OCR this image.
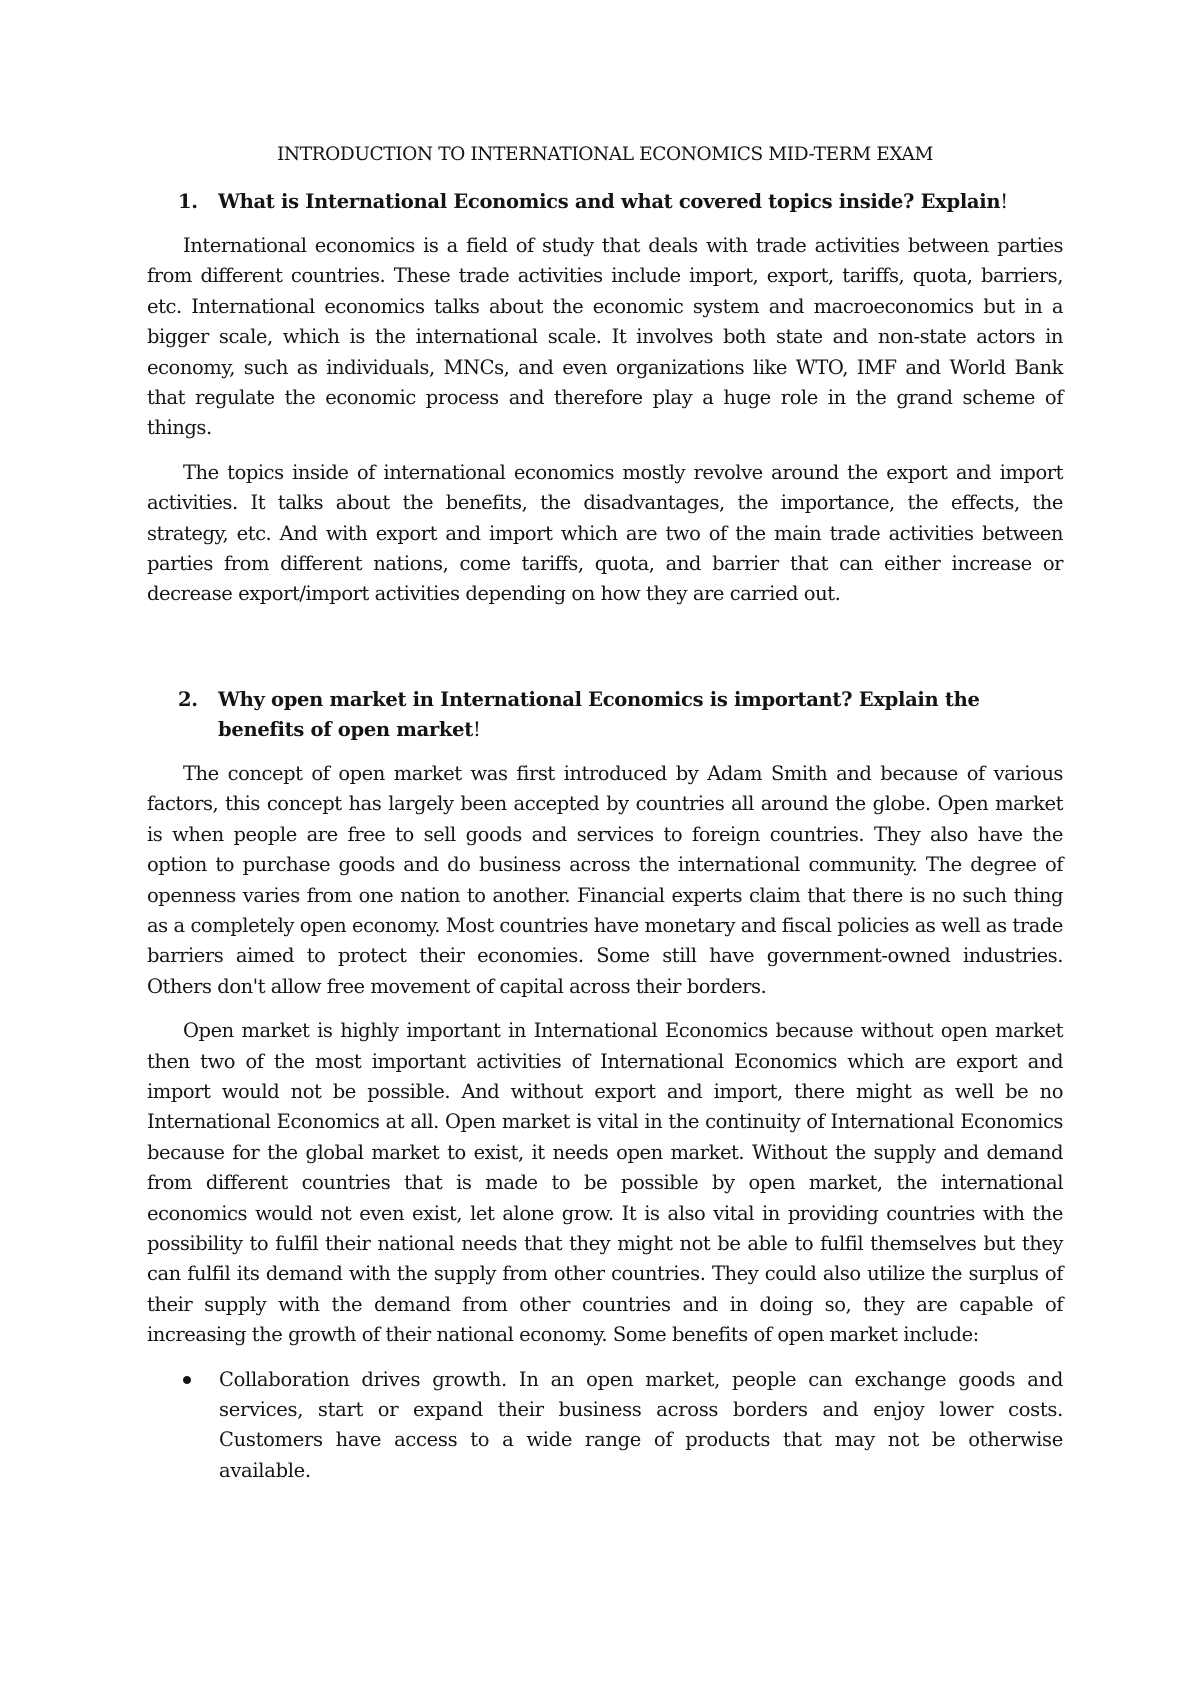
INTRODUCTION TO INTERNATIONAL ECONOMICS MID-TERM EXAM
1.	What is International Economics and what covered topics inside? Explain!

International economics is a field of study that deals with trade activities between parties from different countries. These trade activities include import, export, tariffs, quota, barriers, etc. International economics talks about the economic system and macroeconomics but in a bigger scale, which is the international scale. It involves both state and non-state actors in economy, such as individuals, MNCs, and even organizations like WTO, IMF and World Bank that regulate the economic process and therefore play a huge role in the grand scheme of things.

The topics inside of international economics mostly revolve around the export and import activities. It talks about the benefits, the disadvantages, the importance, the effects, the strategy, etc. And with export and import which are two of the main trade activities between parties from different nations, come tariffs, quota, and barrier that can either increase or decrease export/import activities depending on how they are carried out.

2.	Why open market in International Economics is important? Explain the benefits of open market!

The concept of open market was first introduced by Adam Smith and because of various factors, this concept has largely been accepted by countries all around the globe. Open market is when people are free to sell goods and services to foreign countries. They also have the option to purchase goods and do business across the international community. The degree of openness varies from one nation to another. Financial experts claim that there is no such thing as a completely open economy. Most countries have monetary and fiscal policies as well as trade barriers aimed to protect their economies. Some still have government-owned industries. Others don't allow free movement of capital across their borders.

Open market is highly important in International Economics because without open market then two of the most important activities of International Economics which are export and import would not be possible. And without export and import, there might as well be no International Economics at all. Open market is vital in the continuity of International Economics because for the global market to exist, it needs open market. Without the supply and demand from different countries that is made to be possible by open market, the international economics would not even exist, let alone grow. It is also vital in providing countries with the possibility to fulfil their national needs that they might not be able to fulfil themselves but they can fulfil its demand with the supply from other countries. They could also utilize the surplus of their supply with the demand from other countries and in doing so, they are capable of increasing the growth of their national economy. Some benefits of open market include:

Collaboration drives growth. In an open market, people can exchange goods and services, start or expand their business across borders and enjoy lower costs. Customers have access to a wide range of products that may not be otherwise available.
